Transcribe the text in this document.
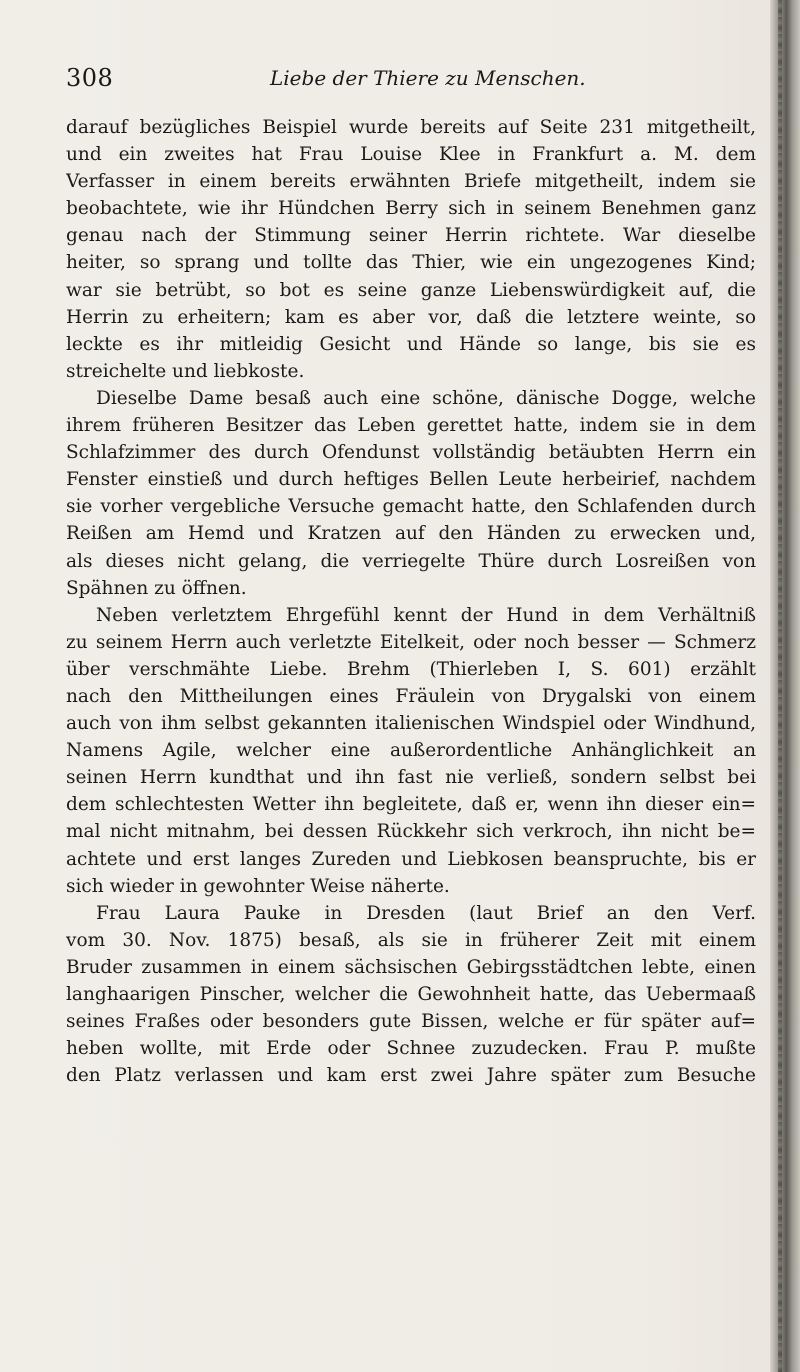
308	Liebe der Thiere zu Menschen.
darauf bezügliches Beispiel wurde bereits auf Seite 231 mitgetheilt,
und ein zweites hat Frau Louise Klee in Frankfurt a. M. dem
Verfasser in einem bereits erwähnten Briefe mitgetheilt, indem sie
beobachtete, wie ihr Hündchen Berry sich in seinem Benehmen ganz
genau nach der Stimmung seiner Herrin richtete. War dieselbe
heiter, so sprang und tollte das Thier, wie ein ungezogenes Kind;
war sie betrübt, so bot es seine ganze Liebenswürdigkeit auf, die
Herrin zu erheitern; kam es aber vor, daß die letztere weinte, so
leckte es ihr mitleidig Gesicht und Hände so lange, bis sie es
streichelte und liebkoste.
Dieselbe Dame besaß auch eine schöne, dänische Dogge, welche
ihrem früheren Besitzer das Leben gerettet hatte, indem sie in dem
Schlafzimmer des durch Ofendunst vollständig betäubten Herrn ein
Fenster einstieß und durch heftiges Bellen Leute herbeirief, nachdem
sie vorher vergebliche Versuche gemacht hatte, den Schlafenden durch
Reißen am Hemd und Kratzen auf den Händen zu erwecken und,
als dieses nicht gelang, die verriegelte Thüre durch Losreißen von
Spähnen zu öffnen.
Neben verletztem Ehrgefühl kennt der Hund in dem Verhältniß
zu seinem Herrn auch verletzte Eitelkeit, oder noch besser — Schmerz
über verschmähte Liebe. Brehm (Thierleben I, S. 601) erzählt
nach den Mittheilungen eines Fräulein von Drygalski von einem
auch von ihm selbst gekannten italienischen Windspiel oder Windhund,
Namens Agile, welcher eine außerordentliche Anhänglichkeit an
seinen Herrn kundthat und ihn fast nie verließ, sondern selbst bei
dem schlechtesten Wetter ihn begleitete, daß er, wenn ihn dieser ein=
mal nicht mitnahm, bei dessen Rückkehr sich verkroch, ihn nicht be=
achtete und erst langes Zureden und Liebkosen beanspruchte, bis er
sich wieder in gewohnter Weise näherte.
Frau Laura Pauke in Dresden (laut Brief an den Verf.
vom 30. Nov. 1875) besaß, als sie in früherer Zeit mit einem
Bruder zusammen in einem sächsischen Gebirgsstädtchen lebte, einen
langhaarigen Pinscher, welcher die Gewohnheit hatte, das Uebermaaß
seines Fraßes oder besonders gute Bissen, welche er für später auf=
heben wollte, mit Erde oder Schnee zuzudecken. Frau P. mußte
den Platz verlassen und kam erst zwei Jahre später zum Besuche
